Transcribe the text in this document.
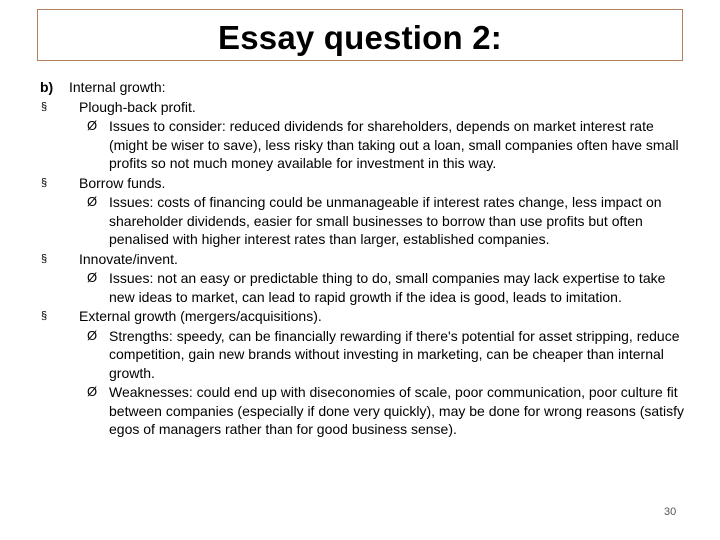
Essay question 2:
b) Internal growth:
§ Plough-back profit.
Ø Issues to consider: reduced dividends for shareholders, depends on market interest rate (might be wiser to save), less risky than taking out a loan, small companies often have small profits so not much money available for investment in this way.
§ Borrow funds.
Ø Issues: costs of financing could be unmanageable if interest rates change, less impact on shareholder dividends, easier for small businesses to borrow than use profits but often penalised with higher interest rates than larger, established companies.
§ Innovate/invent.
Ø Issues: not an easy or predictable thing to do, small companies may lack expertise to take new ideas to market, can lead to rapid growth if the idea is good, leads to imitation.
§ External growth (mergers/acquisitions).
Ø Strengths: speedy, can be financially rewarding if there's potential for asset stripping, reduce competition, gain new brands without investing in marketing, can be cheaper than internal growth.
Ø Weaknesses: could end up with diseconomies of scale, poor communication, poor culture fit between companies (especially if done very quickly), may be done for wrong reasons (satisfy egos of managers rather than for good business sense).
30
